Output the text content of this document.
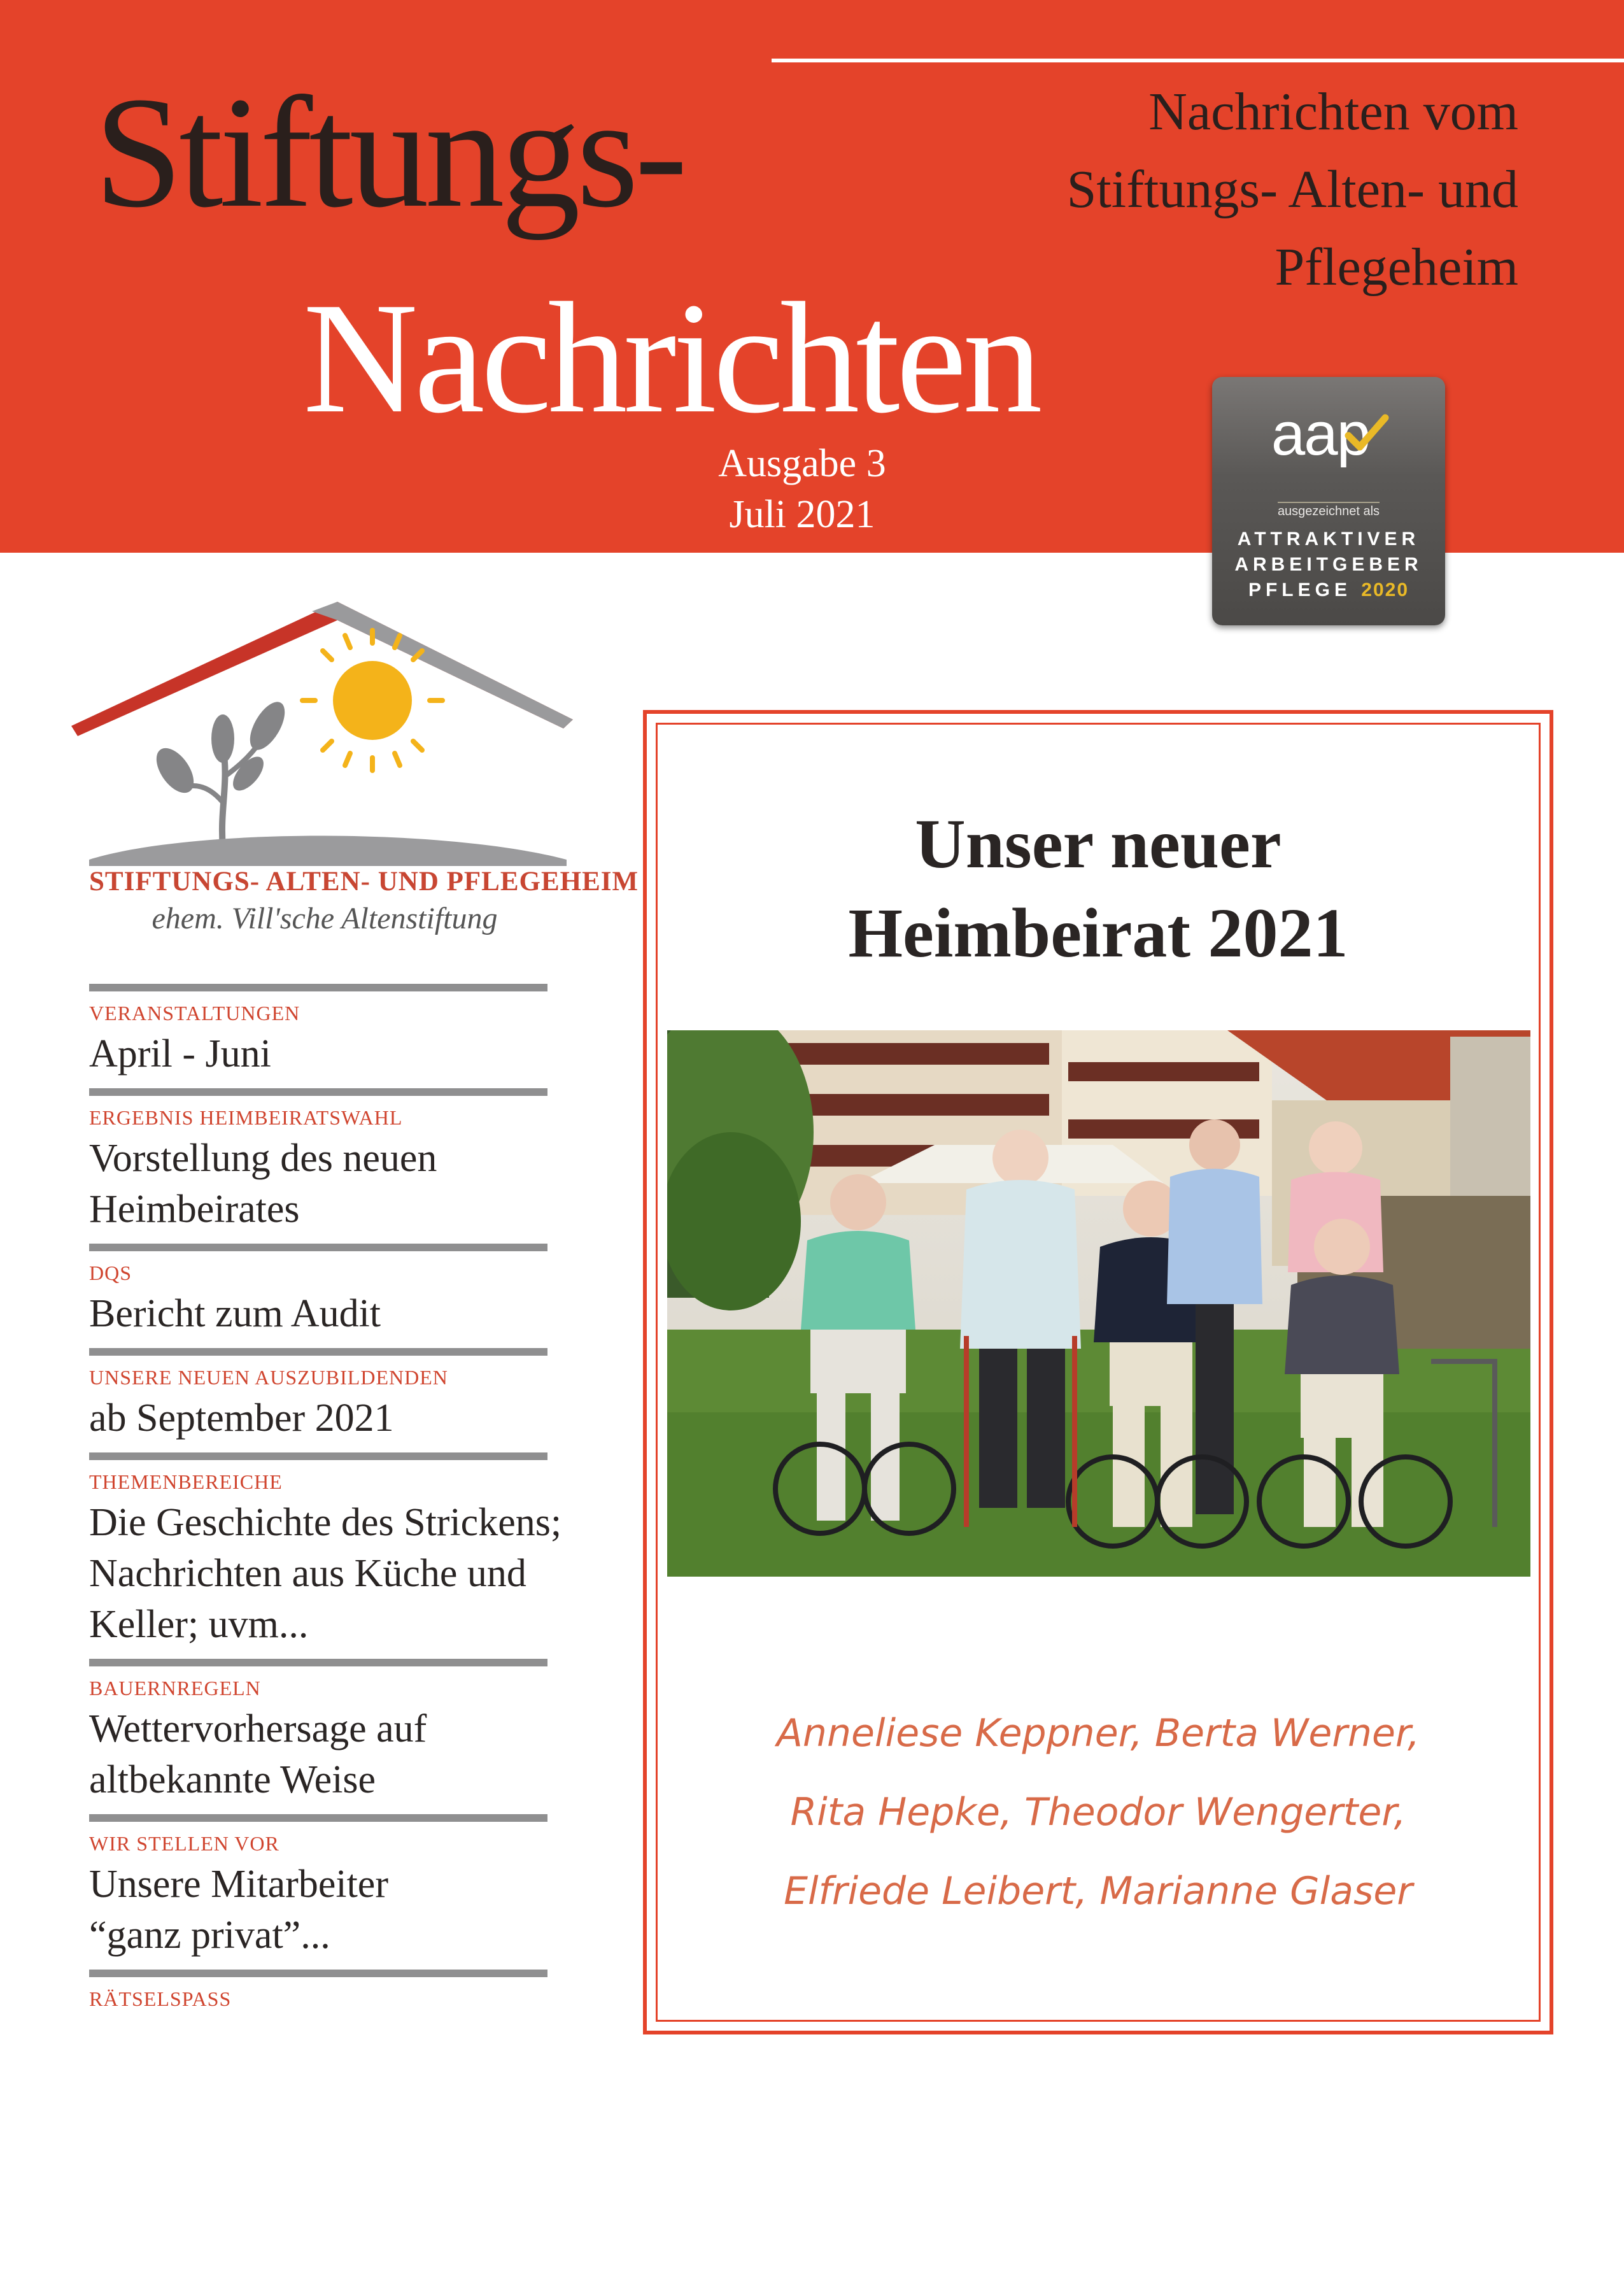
Stiftungs-
Nachrichten
Ausgabe 3
Juli 2021
Nachrichten vom
Stiftungs- Alten- und
Pflegeheim
aap
ausgezeichnet als
ATTRAKTIVER
ARBEITGEBER
PFLEGE 2020
STIFTUNGS- ALTEN- UND PFLEGEHEIM
ehem. Vill'sche Altenstiftung
VERANSTALTUNGEN
April - Juni
ERGEBNIS HEIMBEIRATSWAHL
Vorstellung des neuen
Heimbeirates
DQS
Bericht zum Audit
UNSERE NEUEN AUSZUBILDENDEN
ab September 2021
THEMENBEREICHE
Die Geschichte des Strickens;
Nachrichten aus Küche und
Keller; uvm...
BAUERNREGELN
Wettervorhersage auf
altbekannte Weise
WIR STELLEN VOR
Unsere Mitarbeiter
“ganz privat”...
RÄTSELSPASS
Unser neuer
Heimbeirat 2021
Anneliese Keppner, Berta Werner,
Rita Hepke, Theodor Wengerter,
Elfriede Leibert, Marianne Glaser
